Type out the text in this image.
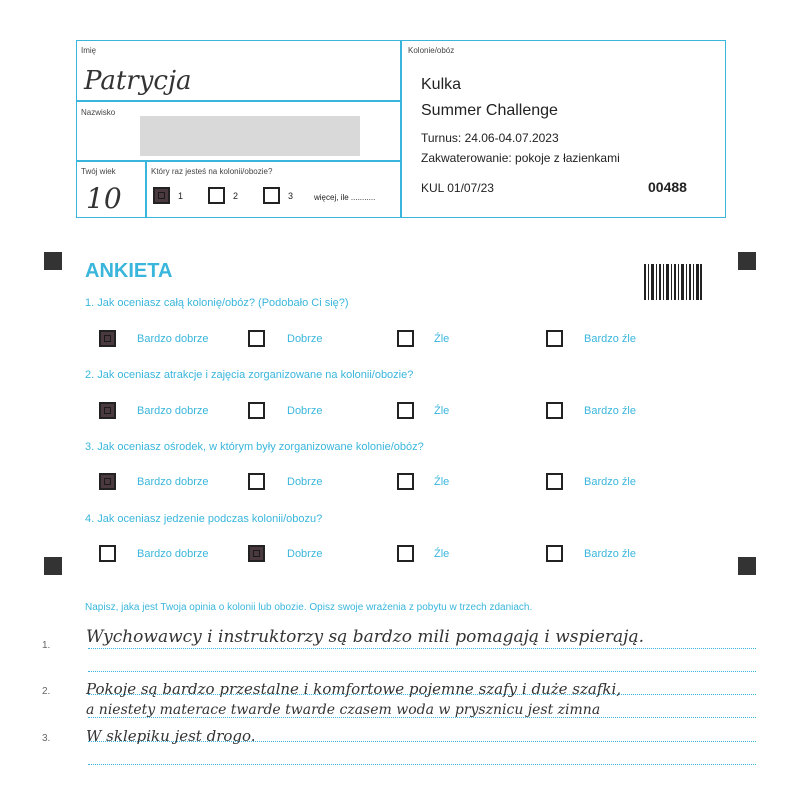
Imię
Patrycja
Nazwisko
Twój wiek
10
Który raz jesteś na kolonii/obozie?
1	2	3	więcej, ile ...........
Kolonie/obóz
Kulka
Summer Challenge
Turnus: 24.06-04.07.2023
Zakwaterowanie: pokoje z łazienkami
KUL 01/07/23	00488
ANKIETA
1. Jak oceniasz całą kolonię/obóz? (Podobało Ci się?)
Bardzo dobrze	Dobrze	Źle	Bardzo źle
2. Jak oceniasz atrakcje i zajęcia zorganizowane na kolonii/obozie?
Bardzo dobrze	Dobrze	Źle	Bardzo źle
3. Jak oceniasz ośrodek, w którym były zorganizowane kolonie/obóz?
Bardzo dobrze	Dobrze	Źle	Bardzo źle
4. Jak oceniasz jedzenie podczas kolonii/obozu?
Bardzo dobrze	Dobrze	Źle	Bardzo źle
Napisz, jaka jest Twoja opinia o kolonii lub obozie. Opisz swoje wrażenia z pobytu w trzech zdaniach.
1.
2.
3.
Wychowawcy i instruktorzy są bardzo mili pomagają i wspierają.
Pokoje są bardzo przestalne i komfortowe pojemne szafy i duże szafki,
a niestety materace twarde twarde czasem woda w prysznicu jest zimna
W sklepiku jest drogo.
